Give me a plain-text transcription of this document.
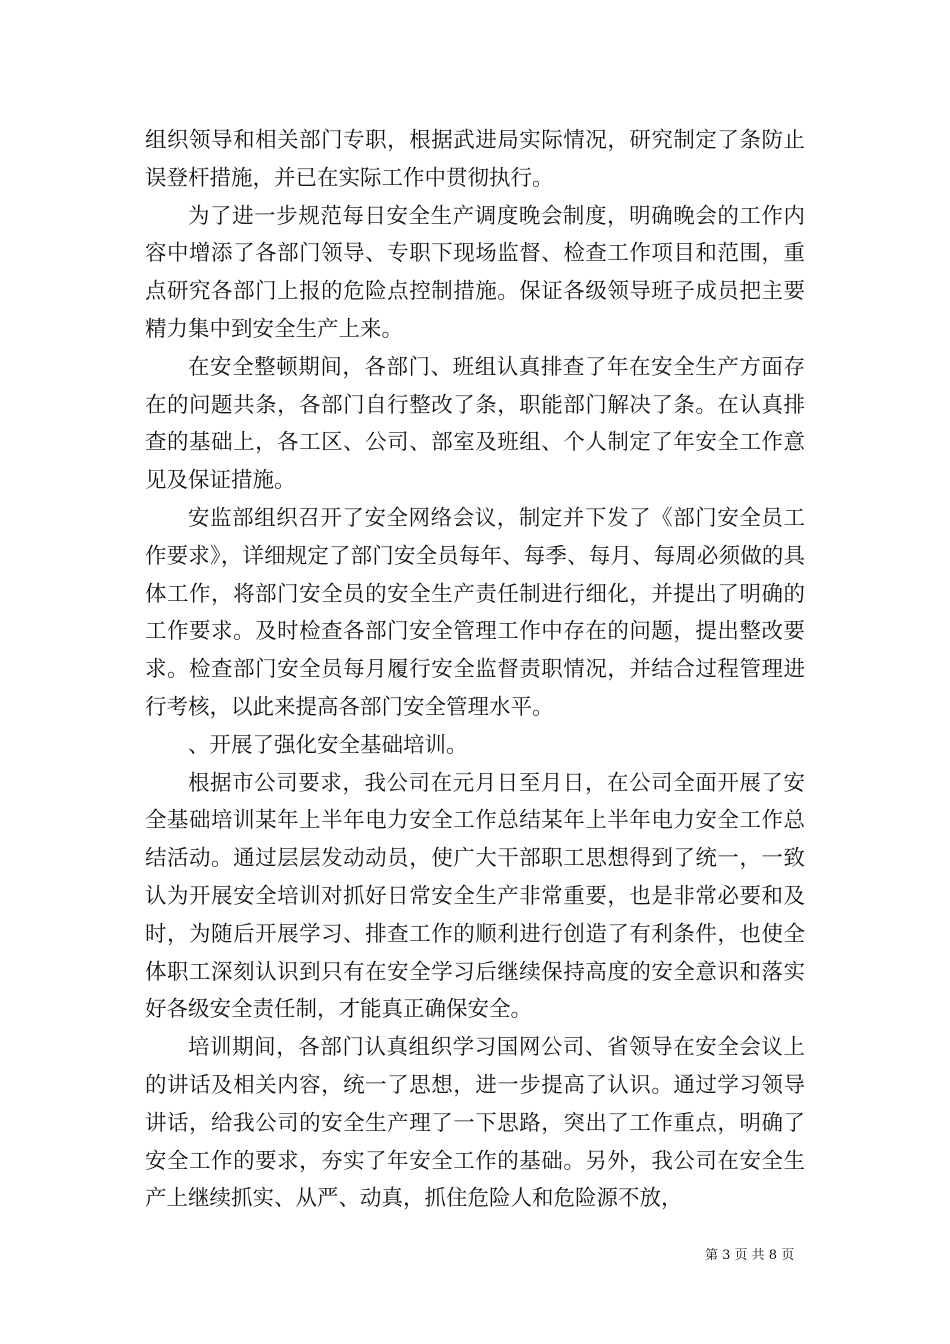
组织领导和相关部门专职，根据武进局实际情况，研究制定了条防止误登杆措施，并已在实际工作中贯彻执行。

为了进一步规范每日安全生产调度晚会制度，明确晚会的工作内容中增添了各部门领导、专职下现场监督、检查工作项目和范围，重点研究各部门上报的危险点控制措施。保证各级领导班子成员把主要精力集中到安全生产上来。

在安全整顿期间，各部门、班组认真排查了年在安全生产方面存在的问题共条，各部门自行整改了条，职能部门解决了条。在认真排查的基础上，各工区、公司、部室及班组、个人制定了年安全工作意见及保证措施。

安监部组织召开了安全网络会议，制定并下发了《部门安全员工作要求》，详细规定了部门安全员每年、每季、每月、每周必须做的具体工作，将部门安全员的安全生产责任制进行细化，并提出了明确的工作要求。及时检查各部门安全管理工作中存在的问题，提出整改要求。检查部门安全员每月履行安全监督责职情况，并结合过程管理进行考核，以此来提高各部门安全管理水平。

、开展了强化安全基础培训。

根据市公司要求，我公司在元月日至月日，在公司全面开展了安全基础培训某年上半年电力安全工作总结某年上半年电力安全工作总结活动。通过层层发动动员，使广大干部职工思想得到了统一，一致认为开展安全培训对抓好日常安全生产非常重要，也是非常必要和及时，为随后开展学习、排查工作的顺利进行创造了有利条件，也使全体职工深刻认识到只有在安全学习后继续保持高度的安全意识和落实好各级安全责任制，才能真正确保安全。

培训期间，各部门认真组织学习国网公司、省领导在安全会议上的讲话及相关内容，统一了思想，进一步提高了认识。通过学习领导讲话，给我公司的安全生产理了一下思路，突出了工作重点，明确了安全工作的要求，夯实了年安全工作的基础。另外，我公司在安全生产上继续抓实、从严、动真，抓住危险人和危险源不放，

第 3 页 共 8 页
